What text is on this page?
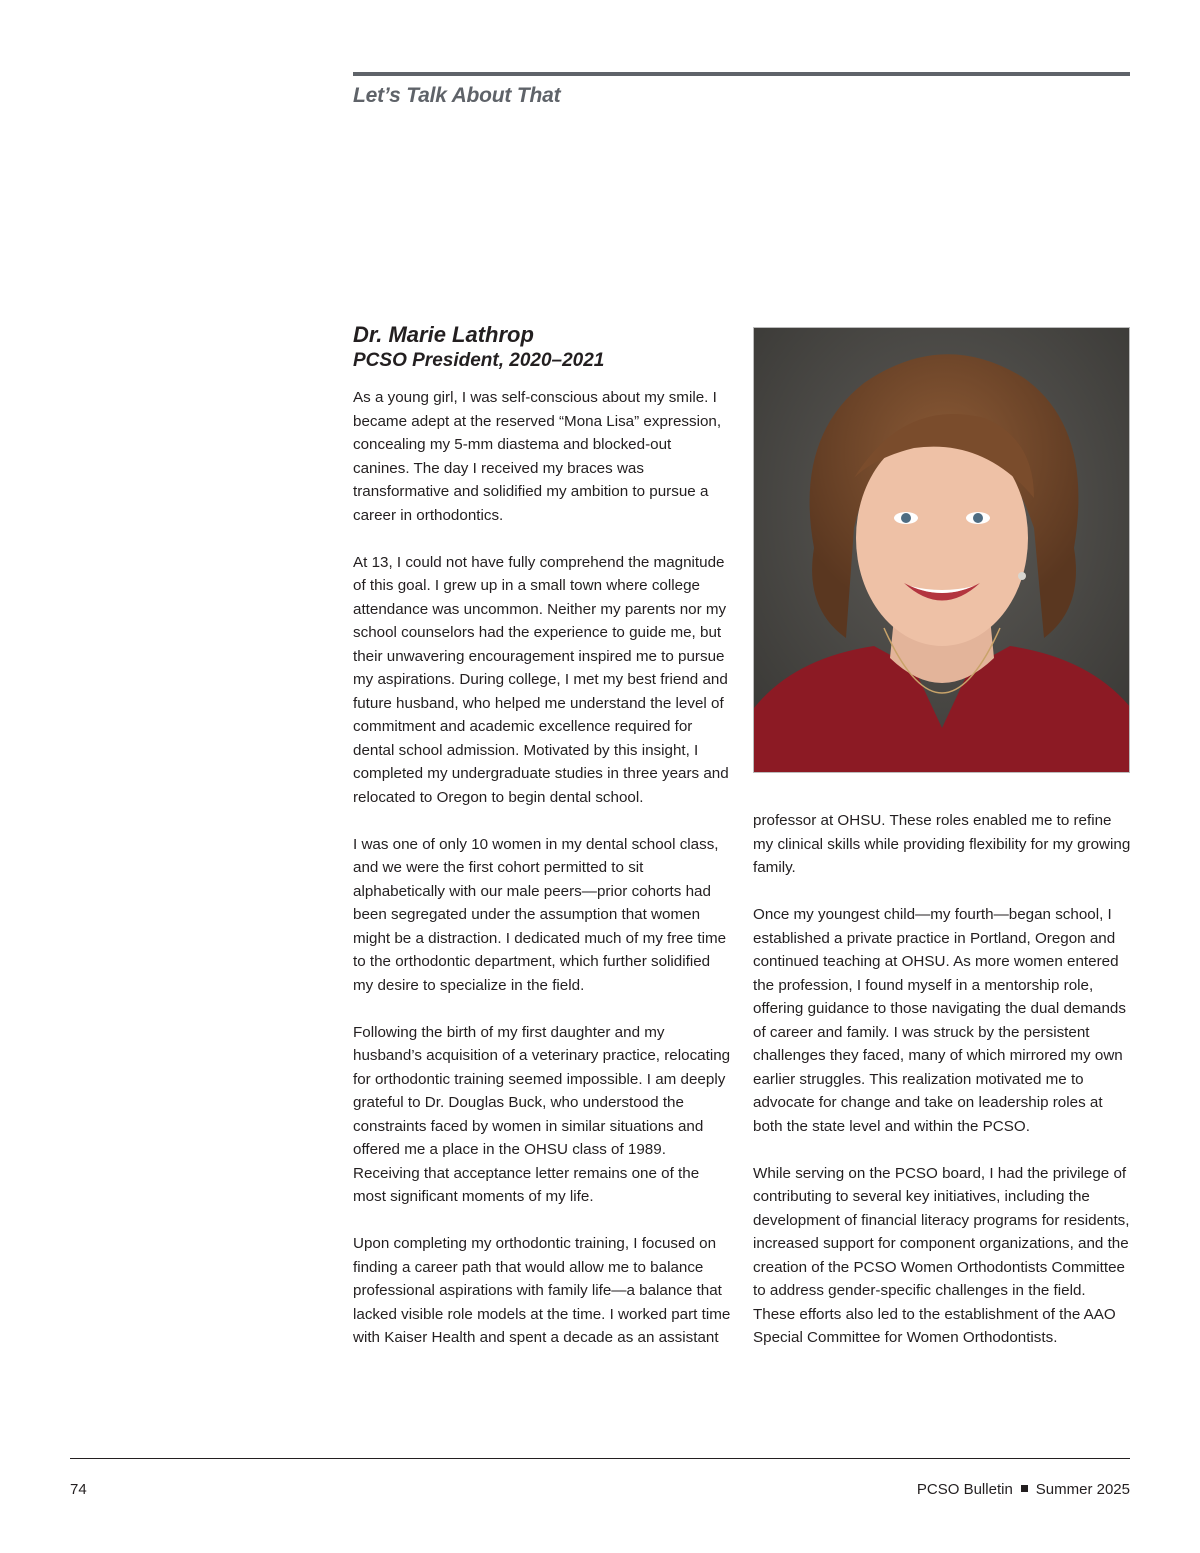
Let’s Talk About That
Dr. Marie Lathrop
PCSO President, 2020–2021

As a young girl, I was self-conscious about my smile. I became adept at the reserved “Mona Lisa” expression, concealing my 5-mm diastema and blocked-out canines. The day I received my braces was transformative and solidified my ambition to pursue a career in orthodontics.

At 13, I could not have fully comprehend the magnitude of this goal. I grew up in a small town where college attendance was uncommon. Neither my parents nor my school counselors had the experience to guide me, but their unwavering encouragement inspired me to pursue my aspirations. During college, I met my best friend and future husband, who helped me understand the level of commitment and academic excellence required for dental school admission. Motivated by this insight, I completed my undergraduate studies in three years and relocated to Oregon to begin dental school.

I was one of only 10 women in my dental school class, and we were the first cohort permitted to sit alphabetically with our male peers—prior cohorts had been segregated under the assumption that women might be a distraction. I dedicated much of my free time to the orthodontic department, which further solidified my desire to specialize in the field.

Following the birth of my first daughter and my husband’s acquisition of a veterinary practice, relocating for orthodontic training seemed impossible. I am deeply grateful to Dr. Douglas Buck, who understood the constraints faced by women in similar situations and offered me a place in the OHSU class of 1989. Receiving that acceptance letter remains one of the most significant moments of my life.

Upon completing my orthodontic training, I focused on finding a career path that would allow me to balance professional aspirations with family life—a balance that lacked visible role models at the time. I worked part time with Kaiser Health and spent a decade as an assistant

professor at OHSU. These roles enabled me to refine my clinical skills while providing flexibility for my growing family.

Once my youngest child—my fourth—began school, I established a private practice in Portland, Oregon and continued teaching at OHSU. As more women entered the profession, I found myself in a mentorship role, offering guidance to those navigating the dual demands of career and family. I was struck by the persistent challenges they faced, many of which mirrored my own earlier struggles. This realization motivated me to advocate for change and take on leadership roles at both the state level and within the PCSO.

While serving on the PCSO board, I had the privilege of contributing to several key initiatives, including the development of financial literacy programs for residents, increased support for component organizations, and the creation of the PCSO Women Orthodontists Committee to address gender-specific challenges in the field. These efforts also led to the establishment of the AAO Special Committee for Women Orthodontists.

74	PCSO Bulletin Summer 2025
